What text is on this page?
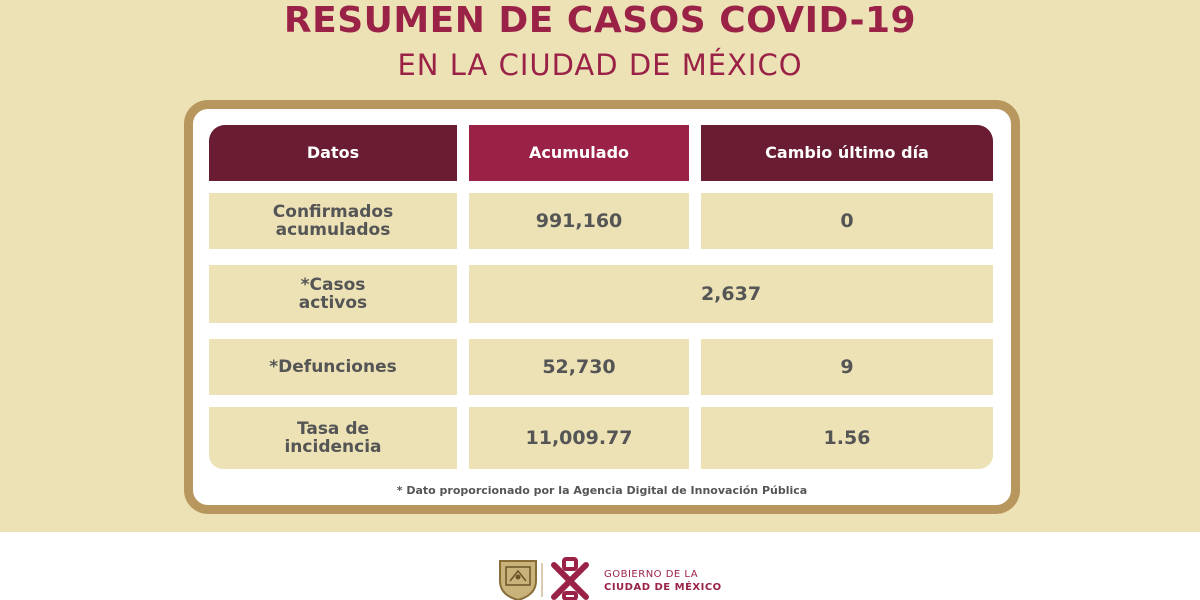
RESUMEN DE CASOS COVID-19
EN LA CIUDAD DE MÉXICO
Datos	Acumulado	Cambio último día
Confirmados
acumulados	991,160	0
*Casos
activos	2,637
*Defunciones	52,730	9
Tasa de
incidencia	11,009.77	1.56
* Dato proporcionado por la Agencia Digital de Innovación Pública
GOBIERNO DE LA
CIUDAD DE MÉXICO
